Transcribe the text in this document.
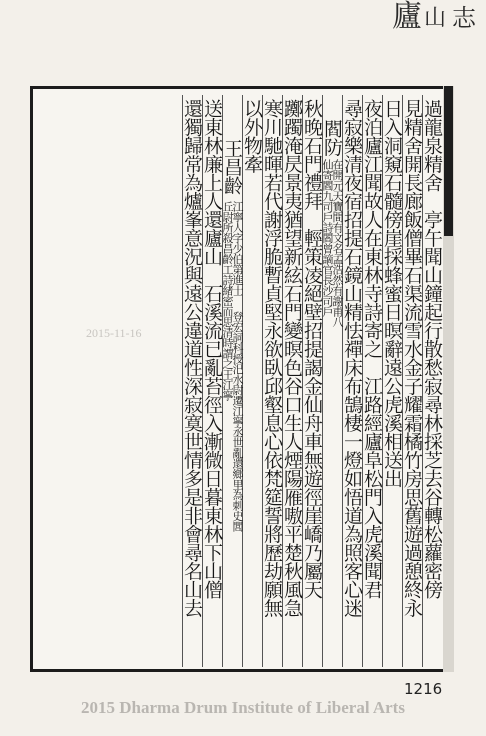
廬 山 志
過龍泉精舍　亭午聞山鐘起行散愁寂尋林採芝去谷轉松蘿密傍
見精舍開長廊飯僧畢石渠流雪水金子耀霜橘竹房思舊遊過憩終永
日入洞窺石髓傍崖採蜂蜜日暝辭遠公虎溪相送出
夜泊廬江聞故人在東林寺詩寄之　江路經廬阜松門入虎溪聞君
尋寂樂清夜宿招提石鏡山精怯禪床布鵠棲一燈如悟道為照客心迷
閻防
在開元天寶間有文名孟浩然有謝甫八
仙寄閻九司戶詩閻曾謫官長沙司戶
秋晚石門禮拜　輕策凌絕壁招提謁金仙舟車無遊徑崖嶠乃屬天
躑躅淹昃景夷猶望新絃石門變暝色谷口生人煙陽雁嗷平楚秋風急
寒川馳暉若代謝浮脆暫貞堅永欲臥邱壑息心依梵筵誓將歷劫願無
以外物牽
王昌齡
江寧人字少伯第進士
登宏詞科授汜水尉遷江寧丞世亂還鄉里為刺史閭
丘尉所殺昌齡工詩緒密而思清時謂之王江寧
送東林廉上人還廬山　石溪流已亂苔徑入漸微日暮東林下山僧
還獨歸常為爐峯意況與遠公違道性深寂寞世情多是非會尋名山去
2015-11-16
1216
2015 Dharma Drum Institute of Liberal Arts
